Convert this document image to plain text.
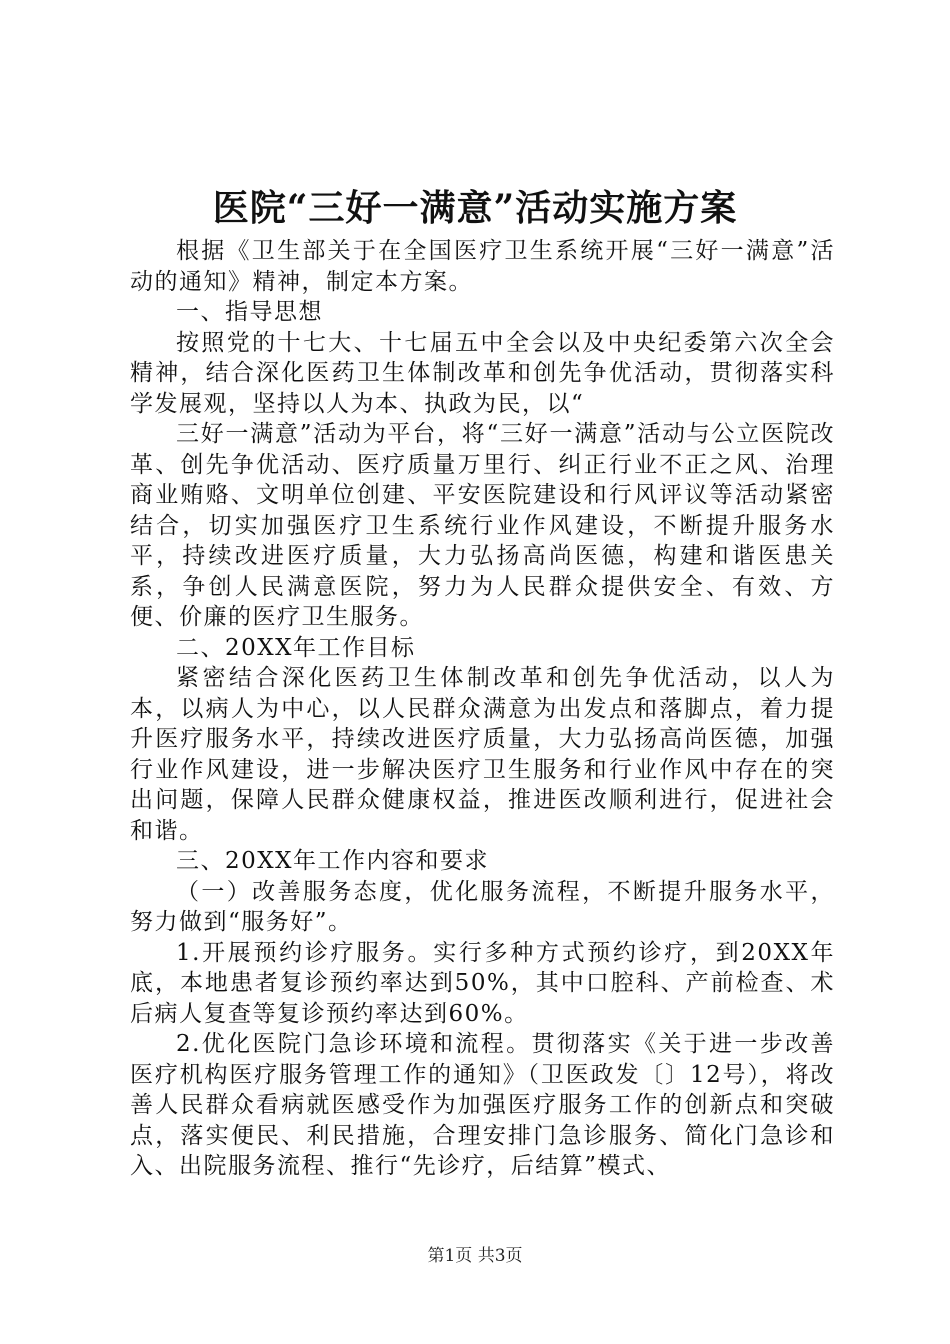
医院“三好一满意”活动实施方案

根据《卫生部关于在全国医疗卫生系统开展“三好一满意”活动的通知》精神，制定本方案。

一、指导思想

按照党的十七大、十七届五中全会以及中央纪委第六次全会精神，结合深化医药卫生体制改革和创先争优活动，贯彻落实科学发展观，坚持以人为本、执政为民，以“

三好一满意”活动为平台，将“三好一满意”活动与公立医院改革、创先争优活动、医疗质量万里行、纠正行业不正之风、治理商业贿赂、文明单位创建、平安医院建设和行风评议等活动紧密结合，切实加强医疗卫生系统行业作风建设，不断提升服务水平，持续改进医疗质量，大力弘扬高尚医德，构建和谐医患关系，争创人民满意医院，努力为人民群众提供安全、有效、方便、价廉的医疗卫生服务。

二、20XX年工作目标

紧密结合深化医药卫生体制改革和创先争优活动，以人为本，以病人为中心，以人民群众满意为出发点和落脚点，着力提升医疗服务水平，持续改进医疗质量，大力弘扬高尚医德，加强行业作风建设，进一步解决医疗卫生服务和行业作风中存在的突出问题，保障人民群众健康权益，推进医改顺利进行，促进社会和谐。

三、20XX年工作内容和要求

（一）改善服务态度，优化服务流程，不断提升服务水平，努力做到“服务好”。

1.开展预约诊疗服务。实行多种方式预约诊疗，到20XX年底，本地患者复诊预约率达到50%，其中口腔科、产前检查、术后病人复查等复诊预约率达到60%。

2.优化医院门急诊环境和流程。贯彻落实《关于进一步改善医疗机构医疗服务管理工作的通知》（卫医政发〔〕12号），将改善人民群众看病就医感受作为加强医疗服务工作的创新点和突破点，落实便民、利民措施，合理安排门急诊服务、简化门急诊和入、出院服务流程、推行“先诊疗，后结算”模式、

第1页 共3页
